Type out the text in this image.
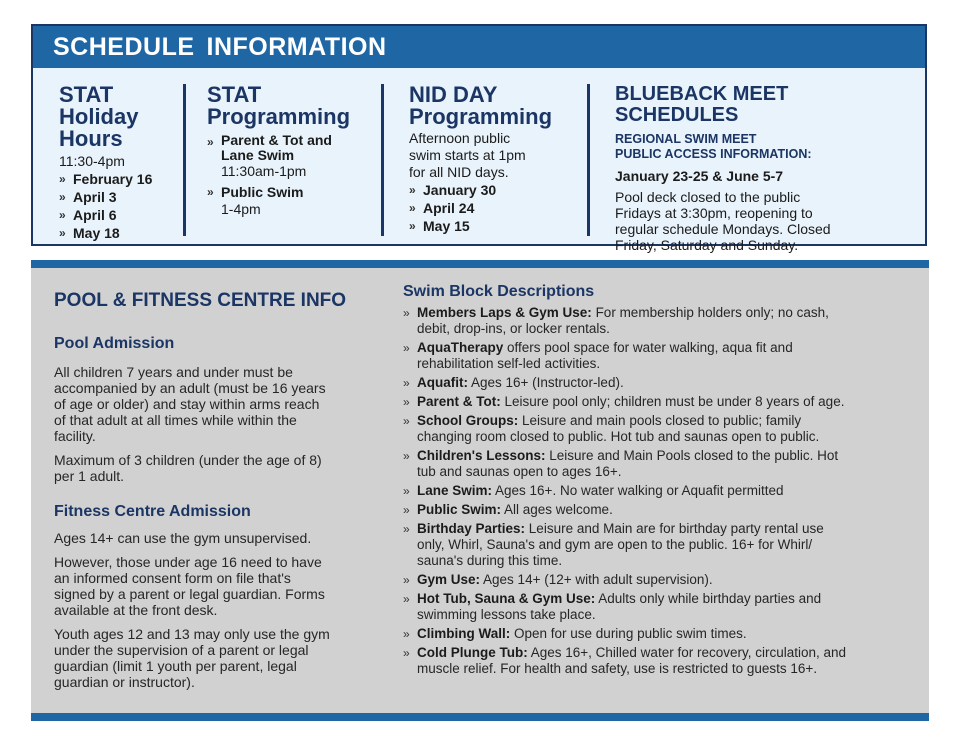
SCHEDULE INFORMATION
STAT
Holiday
Hours
11:30-4pm
» February 16
» April 3
» April 6
» May 18
STAT
Programming
» Parent & Tot and
Lane Swim
11:30am-1pm
» Public Swim
1-4pm
NID DAY
Programming
Afternoon public
swim starts at 1pm
for all NID days.
» January 30
» April 24
» May 15
BLUEBACK MEET SCHEDULES
REGIONAL SWIM MEET
PUBLIC ACCESS INFORMATION:
January 23-25 & June 5-7
Pool deck closed to the public
Fridays at 3:30pm, reopening to
regular schedule Mondays. Closed
Friday, Saturday and Sunday.
POOL & FITNESS CENTRE INFO
Pool Admission
All children 7 years and under must be
accompanied by an adult (must be 16 years
of age or older) and stay within arms reach
of that adult at all times while within the
facility.
Maximum of 3 children (under the age of 8)
per 1 adult.
Fitness Centre Admission
Ages 14+ can use the gym unsupervised.
However, those under age 16 need to have
an informed consent form on file that's
signed by a parent or legal guardian. Forms
available at the front desk.
Youth ages 12 and 13 may only use the gym
under the supervision of a parent or legal
guardian (limit 1 youth per parent, legal
guardian or instructor).
Swim Block Descriptions
» Members Laps & Gym Use: For membership holders only; no cash,
debit, drop-ins, or locker rentals.
» AquaTherapy offers pool space for water walking, aqua fit and
rehabilitation self-led activities.
» Aquafit: Ages 16+ (Instructor-led).
» Parent & Tot: Leisure pool only; children must be under 8 years of age.
» School Groups: Leisure and main pools closed to public; family
changing room closed to public. Hot tub and saunas open to public.
» Children's Lessons: Leisure and Main Pools closed to the public. Hot
tub and saunas open to ages 16+.
» Lane Swim: Ages 16+. No water walking or Aquafit permitted
» Public Swim: All ages welcome.
» Birthday Parties: Leisure and Main are for birthday party rental use
only, Whirl, Sauna's and gym are open to the public. 16+ for Whirl/
sauna's during this time.
» Gym Use: Ages 14+ (12+ with adult supervision).
» Hot Tub, Sauna & Gym Use: Adults only while birthday parties and
swimming lessons take place.
» Climbing Wall: Open for use during public swim times.
» Cold Plunge Tub: Ages 16+, Chilled water for recovery, circulation, and
muscle relief. For health and safety, use is restricted to guests 16+.
